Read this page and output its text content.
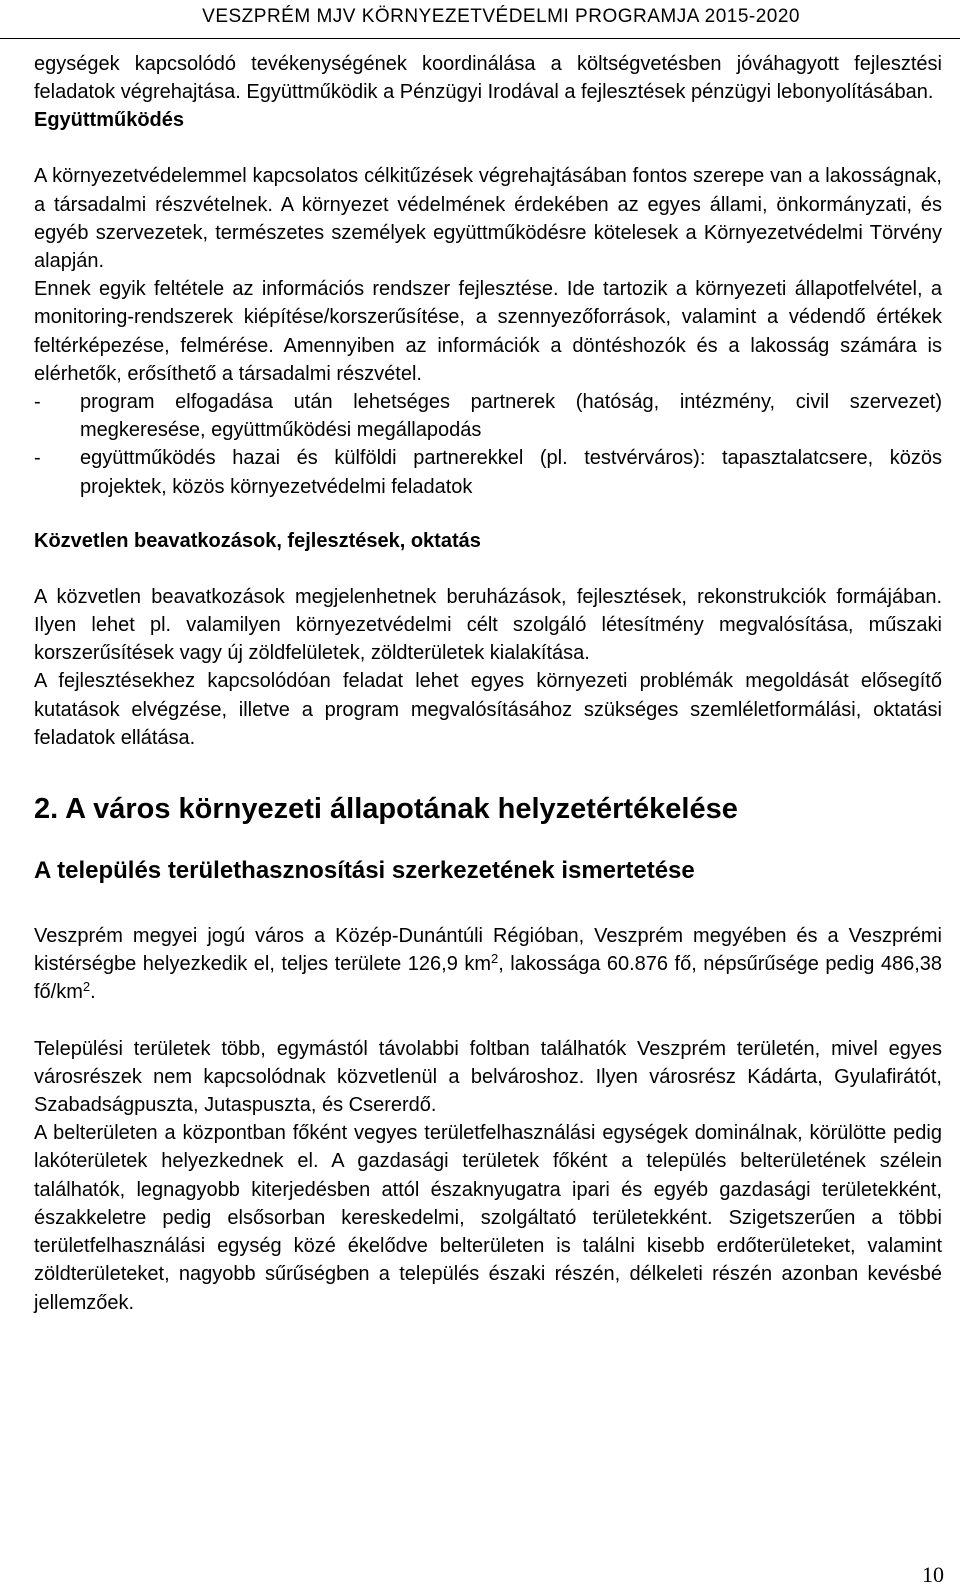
VESZPRÉM MJV KÖRNYEZETVÉDELMI PROGRAMJA 2015-2020

egységek kapcsolódó tevékenységének koordinálása a költségvetésben jóváhagyott fejlesztési feladatok végrehajtása. Együttműködik a Pénzügyi Irodával a fejlesztések pénzügyi lebonyolításában.

Együttműködés

A környezetvédelemmel kapcsolatos célkitűzések végrehajtásában fontos szerepe van a lakosságnak, a társadalmi részvételnek. A környezet védelmének érdekében az egyes állami, önkormányzati, és egyéb szervezetek, természetes személyek együttműködésre kötelesek a Környezetvédelmi Törvény alapján.

Ennek egyik feltétele az információs rendszer fejlesztése. Ide tartozik a környezeti állapotfelvétel, a monitoring-rendszerek kiépítése/korszerűsítése, a szennyezőforrások, valamint a védendő értékek feltérképezése, felmérése. Amennyiben az információk a döntéshozók és a lakosság számára is elérhetők, erősíthető a társadalmi részvétel.

- program elfogadása után lehetséges partnerek (hatóság, intézmény, civil szervezet) megkeresése, együttműködési megállapodás
- együttműködés hazai és külföldi partnerekkel (pl. testvérváros): tapasztalatcsere, közös projektek, közös környezetvédelmi feladatok

Közvetlen beavatkozások, fejlesztések, oktatás

A közvetlen beavatkozások megjelenhetnek beruházások, fejlesztések, rekonstrukciók formájában. Ilyen lehet pl. valamilyen környezetvédelmi célt szolgáló létesítmény megvalósítása, műszaki korszerűsítések vagy új zöldfelületek, zöldterületek kialakítása.

A fejlesztésekhez kapcsolódóan feladat lehet egyes környezeti problémák megoldását elősegítő kutatások elvégzése, illetve a program megvalósításához szükséges szemléletformálási, oktatási feladatok ellátása.

2. A város környezeti állapotának helyzetértékelése

A település területhasznosítási szerkezetének ismertetése

Veszprém megyei jogú város a Közép-Dunántúli Régióban, Veszprém megyében és a Veszprémi kistérségbe helyezkedik el, teljes területe 126,9 $km^2$, lakossága 60.876 fő, népsűrűsége pedig 486,38 $fő/km^2$.

Települési területek több, egymástól távolabbi foltban találhatók Veszprém területén, mivel egyes városrészek nem kapcsolódnak közvetlenül a belvároshoz. Ilyen városrész Kádárta, Gyulafirátót, Szabadságpuszta, Jutaspuszta, és Csererdő.

A belterületen a központban főként vegyes területfelhasználási egységek dominálnak, körülötte pedig lakóterületek helyezkednek el. A gazdasági területek főként a település belterületének szélein találhatók, legnagyobb kiterjedésben attól északnyugatra ipari és egyéb gazdasági területekként, északkeletre pedig elsősorban kereskedelmi, szolgáltató területekként. Szigetszerűen a többi területfelhasználási egység közé ékelődve belterületen is találni kisebb erdőterületeket, valamint zöldterületeket, nagyobb sűrűségben a település északi részén, délkeleti részén azonban kevésbé jellemzőek.

10
